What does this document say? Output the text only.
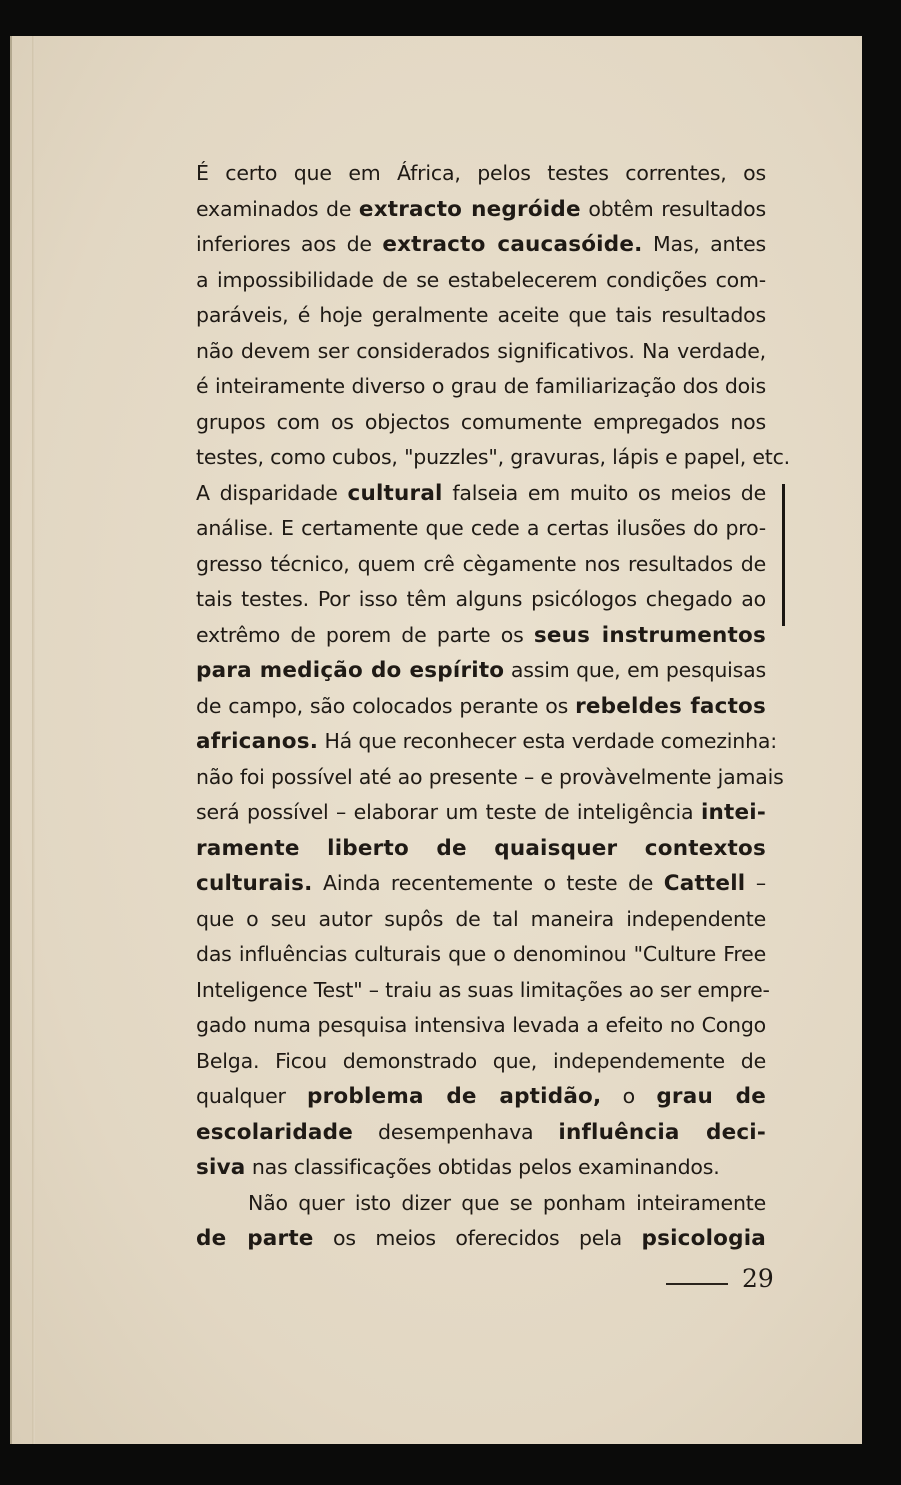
É certo que em África, pelos testes correntes, os
examinados de extracto negróide obtêm resultados
inferiores aos de extracto caucasóide. Mas, antes
a impossibilidade de se estabelecerem condições com-
paráveis, é hoje geralmente aceite que tais resultados
não devem ser considerados significativos. Na verdade,
é inteiramente diverso o grau de familiarização dos dois
grupos com os objectos comumente empregados nos
testes, como cubos, "puzzles", gravuras, lápis e papel, etc.
A disparidade cultural falseia em muito os meios de
análise. E certamente que cede a certas ilusões do pro-
gresso técnico, quem crê cègamente nos resultados de
tais testes. Por isso têm alguns psicólogos chegado ao
extrêmo de porem de parte os seus instrumentos
para medição do espírito assim que, em pesquisas
de campo, são colocados perante os rebeldes factos
africanos. Há que reconhecer esta verdade comezinha:
não foi possível até ao presente – e provàvelmente jamais
será possível – elaborar um teste de inteligência intei-
ramente liberto de quaisquer contextos
culturais. Ainda recentemente o teste de Cattell –
que o seu autor supôs de tal maneira independente
das influências culturais que o denominou "Culture Free
Inteligence Test" – traiu as suas limitações ao ser empre-
gado numa pesquisa intensiva levada a efeito no Congo
Belga. Ficou demonstrado que, independemente de
qualquer problema de aptidão, o grau de
escolaridade desempenhava influência deci-
siva nas classificações obtidas pelos examinandos.
Não quer isto dizer que se ponham inteiramente
de parte os meios oferecidos pela psicologia
29
